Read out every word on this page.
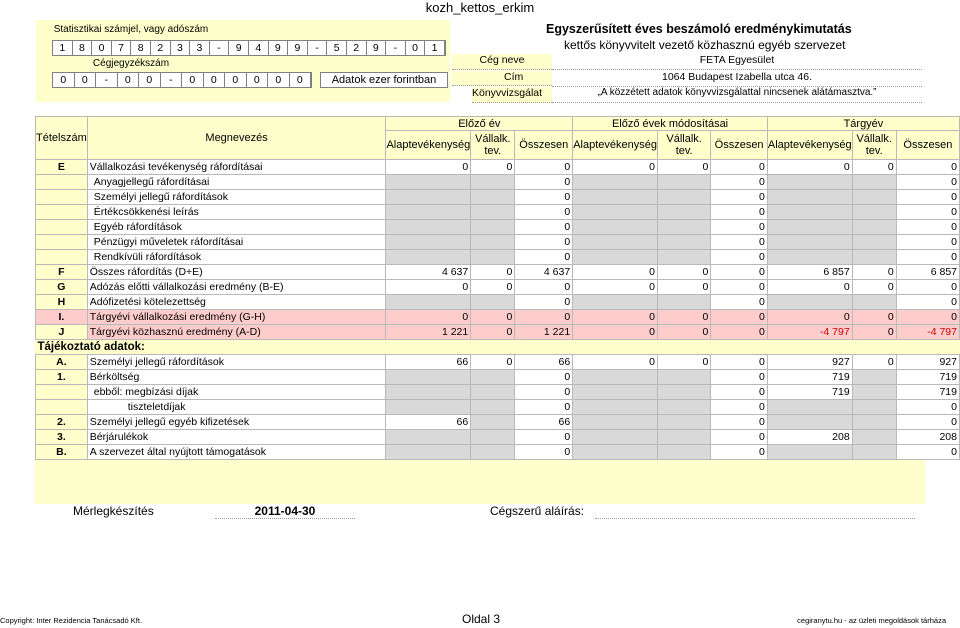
kozh_kettos_erkim
Statisztikai számjel, vagy adószám
1	8	0	7	8	2	3	3	-	9	4	9	9	-	5	2	9	-	0	1
Cégjegyzékszám
0	0	-	0	0	-	0	0	0	0	0	0	Adatok ezer forintban
Egyszerűsített éves beszámoló eredménykimutatás
kettős könyvvitelt vezető közhasznú egyéb szervezet
Cég neve	FETA Egyesület
Cím	1064 Budapest Izabella utca 46.
Könyvvizsgálat	„A közzétett adatok könyvvizsgálattal nincsenek alátámasztva.”
Tételszám	Megnevezés	Előző év			Előző évek módosításai			Tárgyév		
		Alaptevékenység	Vállalk. tev.	Összesen	Alaptevékenység	Vállalk. tev.	Összesen	Alaptevékenység	Vállalk. tev.	Összesen
E	Vállalkozási tevékenység ráfordításai	0	0	0	0	0	0	0	0	0
	Anyagjellegű ráfordításai			0			0			0
	Személyi jellegű ráfordítások			0			0			0
	Értékcsökkenési leírás			0			0			0
	Egyéb ráfordítások			0			0			0
	Pénzügyi műveletek ráfordításai			0			0			0
	Rendkívüli ráfordítások			0			0			0
F	Összes ráfordítás (D+E)	4 637	0	4 637	0	0	0	6 857	0	6 857
G	Adózás előtti vállalkozási eredmény (B-E)	0	0	0	0	0	0	0	0	0
H	Adófizetési kötelezettség			0			0			0
I.	Tárgyévi vállalkozási eredmény (G-H)	0	0	0	0	0	0	0	0	0
J	Tárgyévi közhasznú eredmény (A-D)	1 221	0	1 221	0	0	0	-4 797	0	-4 797
Tájékoztató adatok:										
A.	Személyi jellegű ráfordítások	66	0	66	0	0	0	927	0	927
1.	Bérköltség			0			0	719		719
	ebből: megbízási díjak			0			0	719		719
	tiszteletdíjak			0			0			0
2.	Személyi jellegű egyéb kifizetések	66		66			0			0
3.	Bérjárulékok			0			0	208		208
B.	A szervezet által nyújtott támogatások			0			0			0
Mérlegkészítés	2011-04-30	Cégszerű aláírás:
Copyright: Inter Rezidencia Tanácsadó Kft.	Oldal 3	cegiranytu.hu - az üzleti megoldások tárháza
